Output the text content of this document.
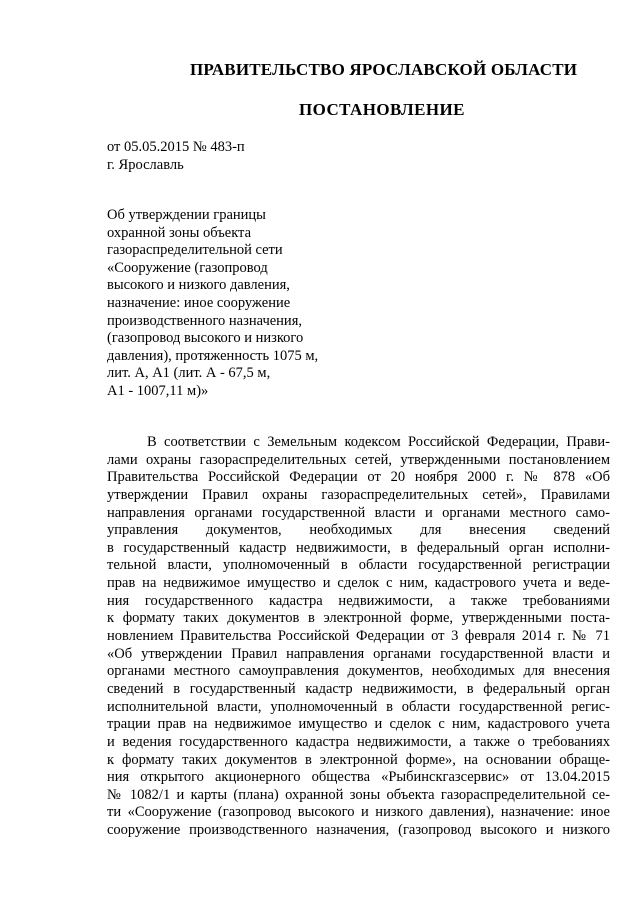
ПРАВИТЕЛЬСТВО ЯРОСЛАВСКОЙ ОБЛАСТИ
ПОСТАНОВЛЕНИЕ
от 05.05.2015 № 483-п
г. Ярославль
Об утверждении границы
охранной зоны объекта
газораспределительной сети
«Сооружение (газопровод
высокого и низкого давления,
назначение: иное сооружение
производственного назначения,
(газопровод высокого и низкого
давления), протяженность 1075 м,
лит. А, А1 (лит. А - 67,5 м,
А1 - 1007,11 м)»
В соответствии с Земельным кодексом Российской Федерации, Прави-
лами охраны газораспределительных сетей, утвержденными постановлением
Правительства Российской Федерации от 20 ноября 2000 г. № 878 «Об
утверждении Правил охраны газораспределительных сетей», Правилами
направления органами государственной власти и органами местного само-
управления документов, необходимых для внесения сведений
в государственный кадастр недвижимости, в федеральный орган исполни-
тельной власти, уполномоченный в области государственной регистрации
прав на недвижимое имущество и сделок с ним, кадастрового учета и веде-
ния государственного кадастра недвижимости, а также требованиями
к формату таких документов в электронной форме, утвержденными поста-
новлением Правительства Российской Федерации от 3 февраля 2014 г. № 71
«Об утверждении Правил направления органами государственной власти и
органами местного самоуправления документов, необходимых для внесения
сведений в государственный кадастр недвижимости, в федеральный орган
исполнительной власти, уполномоченный в области государственной регис-
трации прав на недвижимое имущество и сделок с ним, кадастрового учета
и ведения государственного кадастра недвижимости, а также о требованиях
к формату таких документов в электронной форме», на основании обраще-
ния открытого акционерного общества «Рыбинскгазсервис» от 13.04.2015
№ 1082/1 и карты (плана) охранной зоны объекта газораспределительной се-
ти «Сооружение (газопровод высокого и низкого давления), назначение: иное
сооружение производственного назначения, (газопровод высокого и низкого
